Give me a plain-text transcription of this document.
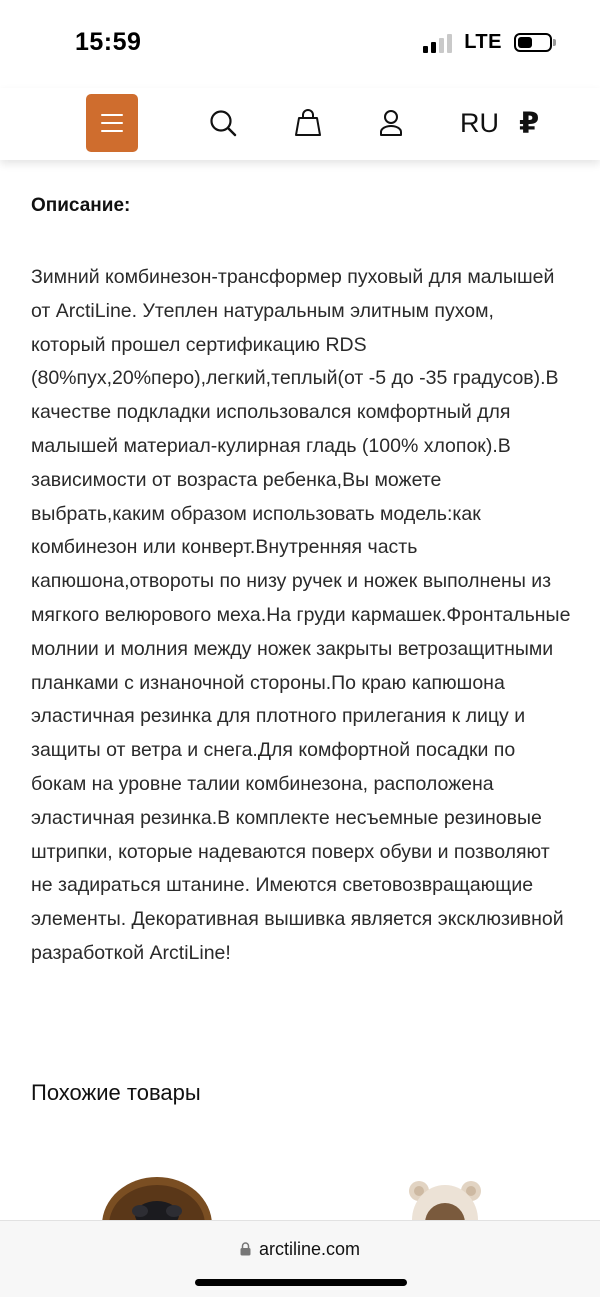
15:59	LTE
RU ₽
Описание:

Зимний комбинезон-трансформер пуховый для малышей от ArctiLine. Утеплен натуральным элитным пухом, который прошел сертификацию RDS (80%пух,20%перо),легкий,теплый(от -5 до -35 градусов).В качестве подкладки использовался комфортный для малышей материал-кулирная гладь (100% хлопок).В зависимости от возраста ребенка,Вы можете выбрать,каким образом использовать модель:как комбинезон или конверт.Внутренняя часть капюшона,отвороты по низу ручек и ножек выполнены из мягкого велюрового меха.На груди кармашек.Фронтальные молнии и молния между ножек закрыты ветрозащитными планками с изнаночной стороны.По краю капюшона эластичная резинка для плотного прилегания к лицу и защиты от ветра и снега.Для комфортной посадки по бокам на уровне талии комбинезона, расположена эластичная резинка.В комплекте несъемные резиновые штрипки, которые надеваются поверх обуви и позволяют не задираться штанине. Имеются световозвращающие элементы. Декоративная вышивка является эксклюзивной разработкой ArctiLine!

Похожие товары
arctiline.com
